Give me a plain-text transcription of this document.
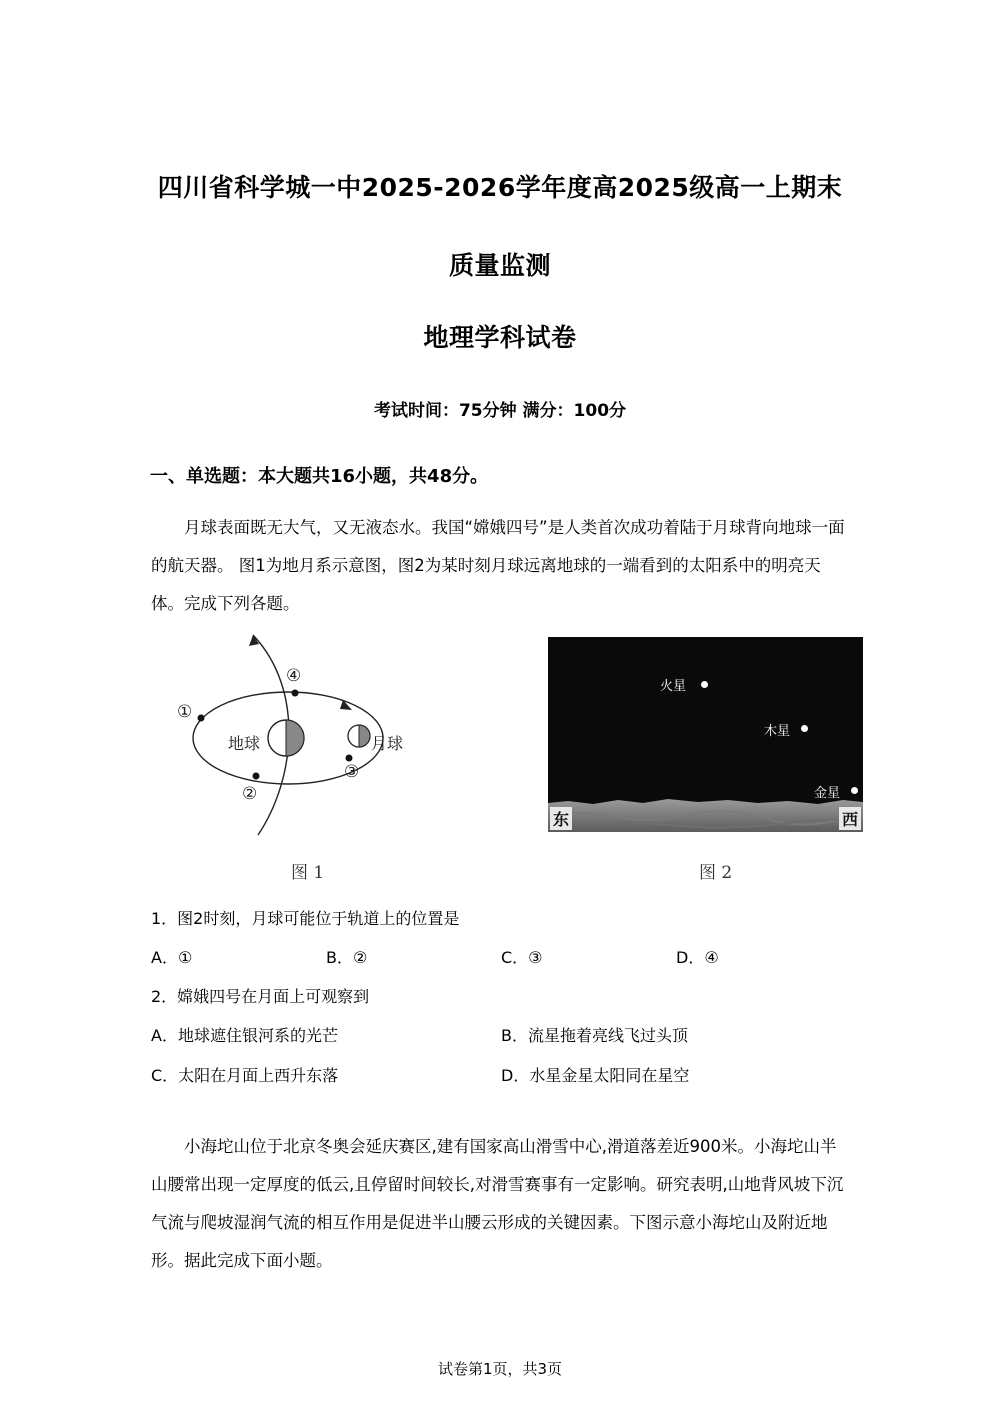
四川省科学城一中2025-2026学年度高2025级高一上期末
质量监测
地理学科试卷
考试时间：75分钟 满分：100分
一、单选题：本大题共16小题，共48分。
月球表面既无大气，又无液态水。我国“嫦娥四号”是人类首次成功着陆于月球背向地球一面的航天器。 图1为地月系示意图，图2为某时刻月球远离地球的一端看到的太阳系中的明亮天体。完成下列各题。
地球	月球
①
②
③
④
图 1
火星
木星
金星
东	西
图 2
1．图2时刻，月球可能位于轨道上的位置是
A．①	B．②	C．③	D．④
2．嫦娥四号在月面上可观察到
A．地球遮住银河系的光芒	B．流星拖着亮线飞过头顶
C．太阳在月面上西升东落	D．水星金星太阳同在星空
小海坨山位于北京冬奥会延庆赛区,建有国家高山滑雪中心,滑道落差近900米。小海坨山半山腰常出现一定厚度的低云,且停留时间较长,对滑雪赛事有一定影响。研究表明,山地背风坡下沉气流与爬坡湿润气流的相互作用是促进半山腰云形成的关键因素。下图示意小海坨山及附近地形。据此完成下面小题。
试卷第1页，共3页
